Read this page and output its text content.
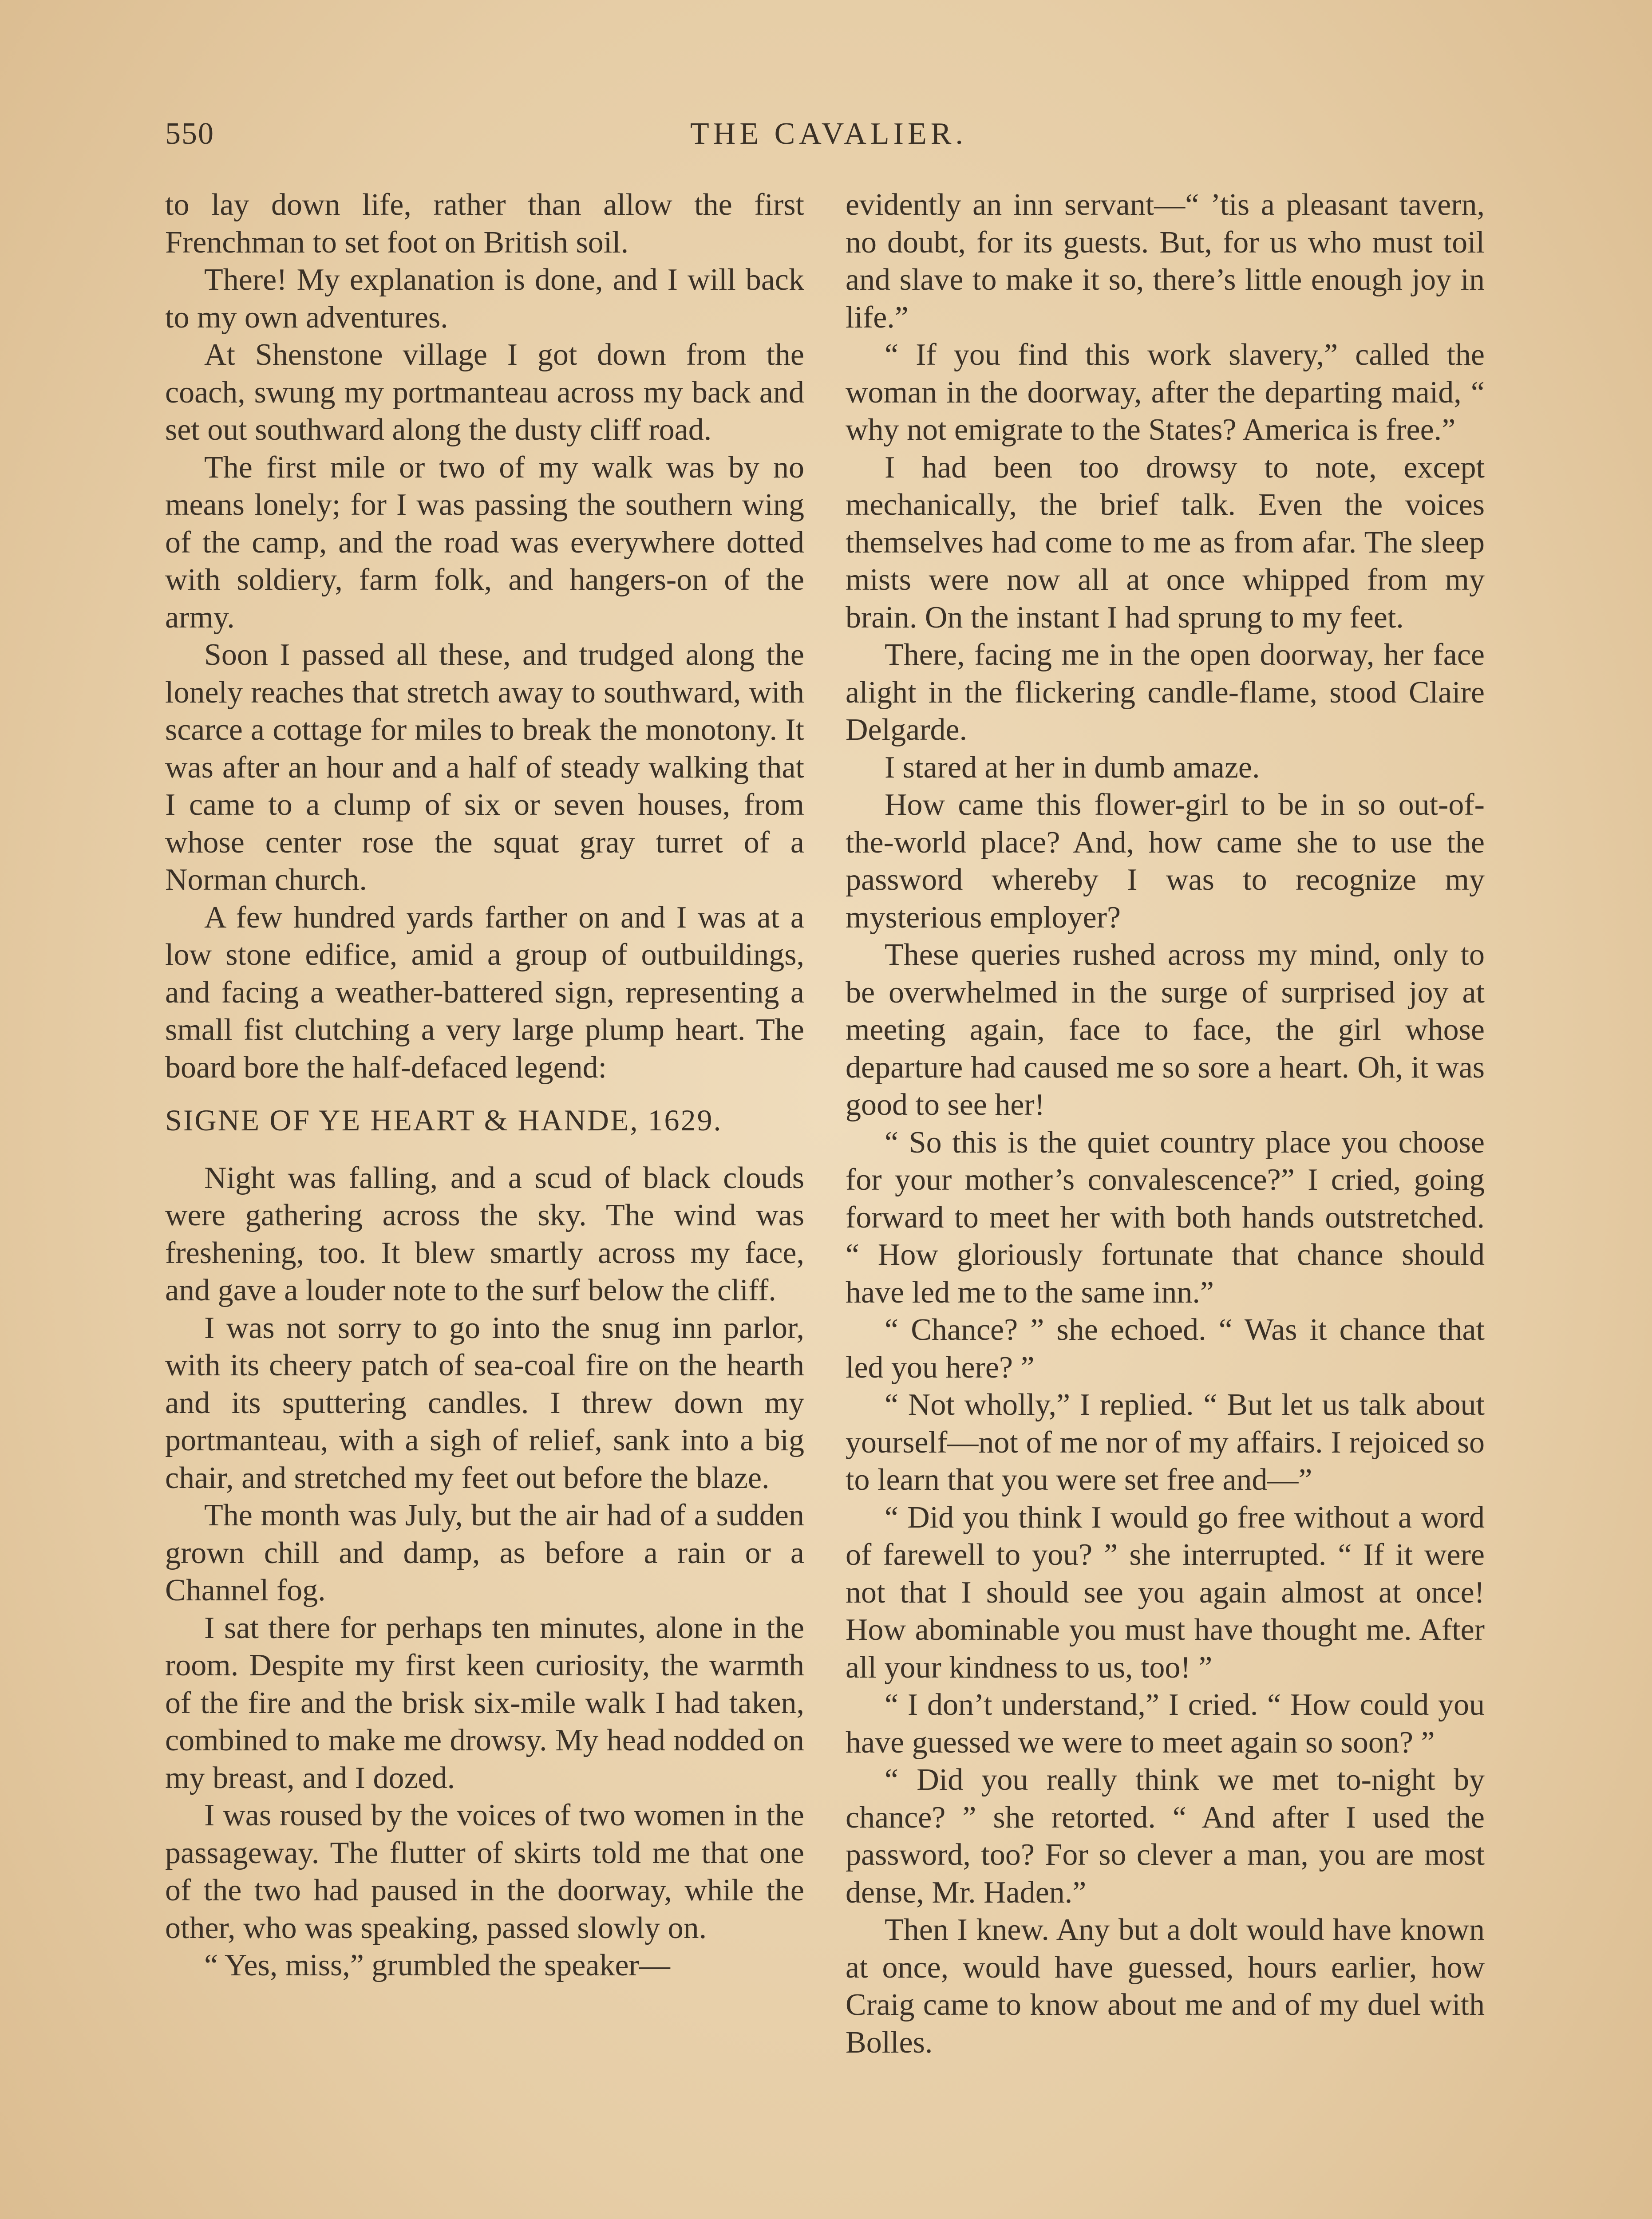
550	THE CAVALIER.

to lay down life, rather than allow the first Frenchman to set foot on British soil.

There! My explanation is done, and I will back to my own adventures.

At Shenstone village I got down from the coach, swung my portmanteau across my back and set out southward along the dusty cliff road.

The first mile or two of my walk was by no means lonely; for I was passing the southern wing of the camp, and the road was everywhere dotted with soldiery, farm folk, and hangers-on of the army.

Soon I passed all these, and trudged along the lonely reaches that stretch away to southward, with scarce a cottage for miles to break the monotony. It was after an hour and a half of steady walking that I came to a clump of six or seven houses, from whose center rose the squat gray turret of a Norman church.

A few hundred yards farther on and I was at a low stone edifice, amid a group of outbuildings, and facing a weather-battered sign, representing a small fist clutching a very large plump heart. The board bore the half-defaced legend:

SIGNE OF YE HEART & HANDE, 1629.

Night was falling, and a scud of black clouds were gathering across the sky. The wind was freshening, too. It blew smartly across my face, and gave a louder note to the surf below the cliff.

I was not sorry to go into the snug inn parlor, with its cheery patch of sea-coal fire on the hearth and its sputtering candles. I threw down my portmanteau, with a sigh of relief, sank into a big chair, and stretched my feet out before the blaze.

The month was July, but the air had of a sudden grown chill and damp, as before a rain or a Channel fog.

I sat there for perhaps ten minutes, alone in the room. Despite my first keen curiosity, the warmth of the fire and the brisk six-mile walk I had taken, combined to make me drowsy. My head nodded on my breast, and I dozed.

I was roused by the voices of two women in the passageway. The flutter of skirts told me that one of the two had paused in the doorway, while the other, who was speaking, passed slowly on.

“ Yes, miss,” grumbled the speaker—

evidently an inn servant—“ ’tis a pleasant tavern, no doubt, for its guests. But, for us who must toil and slave to make it so, there’s little enough joy in life.”

“ If you find this work slavery,” called the woman in the doorway, after the departing maid, “ why not emigrate to the States? America is free.”

I had been too drowsy to note, except mechanically, the brief talk. Even the voices themselves had come to me as from afar. The sleep mists were now all at once whipped from my brain. On the instant I had sprung to my feet.

There, facing me in the open doorway, her face alight in the flickering candle-flame, stood Claire Delgarde.

I stared at her in dumb amaze.

How came this flower-girl to be in so out-of-the-world place? And, how came she to use the password whereby I was to recognize my mysterious employer?

These queries rushed across my mind, only to be overwhelmed in the surge of surprised joy at meeting again, face to face, the girl whose departure had caused me so sore a heart. Oh, it was good to see her!

“ So this is the quiet country place you choose for your mother’s convalescence?” I cried, going forward to meet her with both hands outstretched. “ How gloriously fortunate that chance should have led me to the same inn.”

“ Chance? ” she echoed. “ Was it chance that led you here? ”

“ Not wholly,” I replied. “ But let us talk about yourself—not of me nor of my affairs. I rejoiced so to learn that you were set free and—”

“ Did you think I would go free without a word of farewell to you? ” she interrupted. “ If it were not that I should see you again almost at once! How abominable you must have thought me. After all your kindness to us, too! ”

“ I don’t understand,” I cried. “ How could you have guessed we were to meet again so soon? ”

“ Did you really think we met to-night by chance? ” she retorted. “ And after I used the password, too? For so clever a man, you are most dense, Mr. Haden.”

Then I knew. Any but a dolt would have known at once, would have guessed, hours earlier, how Craig came to know about me and of my duel with Bolles.
